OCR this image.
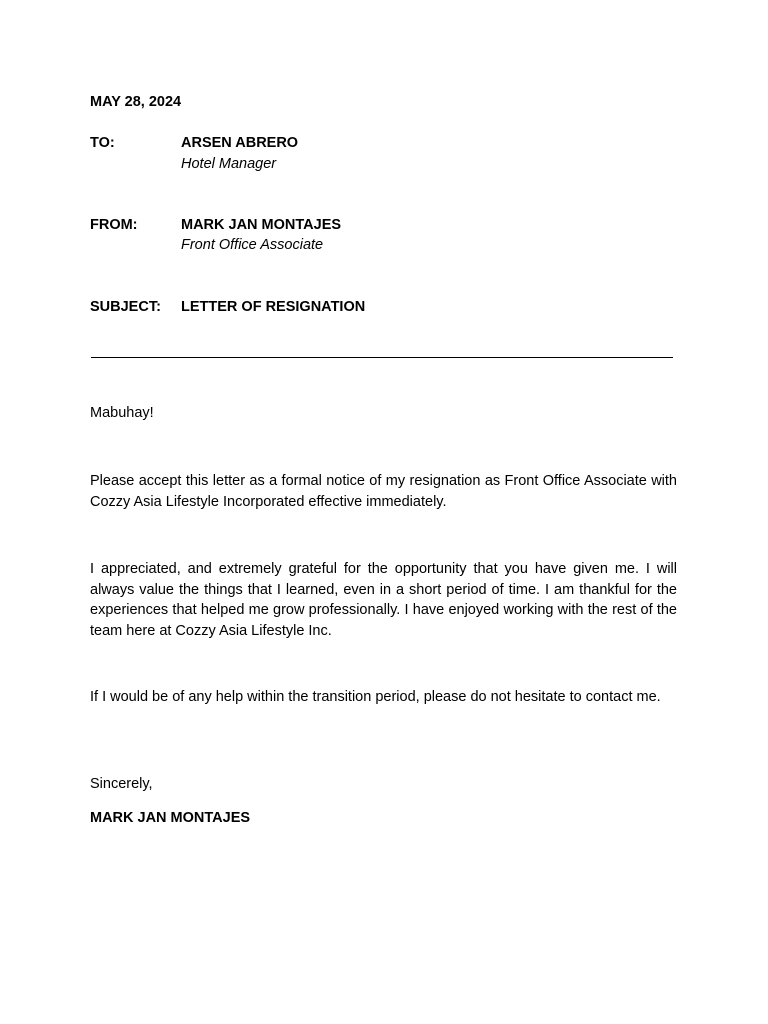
MAY 28, 2024
TO:	ARSEN ABRERO
Hotel Manager
FROM:	MARK JAN MONTAJES
Front Office Associate
SUBJECT: LETTER OF RESIGNATION
Mabuhay!
Please accept this letter as a formal notice of my resignation as Front Office Associate with Cozzy Asia Lifestyle Incorporated effective immediately.
I appreciated, and extremely grateful for the opportunity that you have given me. I will always value the things that I learned, even in a short period of time. I am thankful for the experiences that helped me grow professionally. I have enjoyed working with the rest of the team here at Cozzy Asia Lifestyle Inc.
If I would be of any help within the transition period, please do not hesitate to contact me.
Sincerely,
MARK JAN MONTAJES
